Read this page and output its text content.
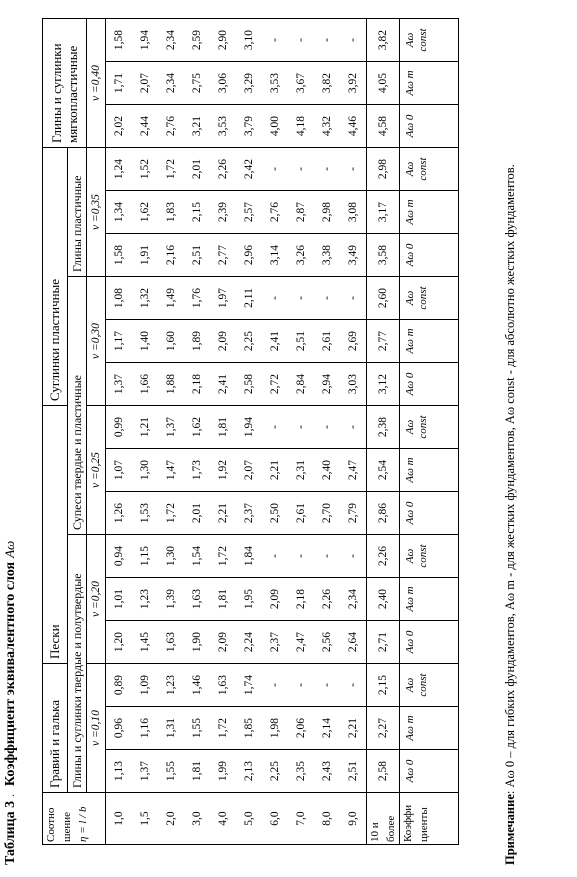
Таблица 3.Коэффициент эквивалентного слояAω
Соотно шение η = l / b	Гравий и галька			Пески						Суглинки пластичные						Глины и суглинки мягкопластичные		
	Глины и суглинки твердые и полутвердые						Супеси твердые и пластичные						Глины пластичные					
	ν =0,10			ν =0,20			ν =0,25			ν =0,30			ν =0,35			ν =0,40		
1,0	1,13	0,96	0,89	1,20	1,01	0,94	1,26	1,07	0,99	1,37	1,17	1,08	1,58	1,34	1,24	2,02	1,71	1,58
1,5	1,37	1,16	1,09	1,45	1,23	1,15	1,53	1,30	1,21	1,66	1,40	1,32	1,91	1,62	1,52	2,44	2,07	1,94
2,0	1,55	1,31	1,23	1,63	1,39	1,30	1,72	1,47	1,37	1,88	1,60	1,49	2,16	1,83	1,72	2,76	2,34	2,34
3,0	1,81	1,55	1,46	1,90	1,63	1,54	2,01	1,73	1,62	2,18	1,89	1,76	2,51	2,15	2,01	3,21	2,75	2,59
4,0	1,99	1,72	1,63	2,09	1,81	1,72	2,21	1,92	1,81	2,41	2,09	1,97	2,77	2,39	2,26	3,53	3,06	2,90
5,0	2,13	1,85	1,74	2,24	1,95	1,84	2,37	2,07	1,94	2,58	2,25	2,11	2,96	2,57	2,42	3,79	3,29	3,10
6,0	2,25	1,98	-	2,37	2,09	-	2,50	2,21	-	2,72	2,41	-	3,14	2,76	-	4,00	3,53	-
7,0	2,35	2,06	-	2,47	2,18	-	2,61	2,31	-	2,84	2,51	-	3,26	2,87	-	4,18	3,67	-
8,0	2,43	2,14	-	2,56	2,26	-	2,70	2,40	-	2,94	2,61	-	3,38	2,98	-	4,32	3,82	-
9,0	2,51	2,21	-	2,64	2,34	-	2,79	2,47	-	3,03	2,69	-	3,49	3,08	-	4,46	3,92	-
10 и более	2,58	2,27	2,15	2,71	2,40	2,26	2,86	2,54	2,38	3,12	2,77	2,60	3,58	3,17	2,98	4,58	4,05	3,82
Коэффи циенты	Aω 0	Aω m	Aω const	Aω 0	Aω m	Aω const	Aω 0	Aω m	Aω const	Aω 0	Aω m	Aω const	Aω 0	Aω m	Aω const	Aω 0	Aω m	Aω const
Примечание: Aω 0 – для гибких фундаментов, Aω m - для жестких фундаментов, Aω const - для абсолютно жестких фундаментов.
